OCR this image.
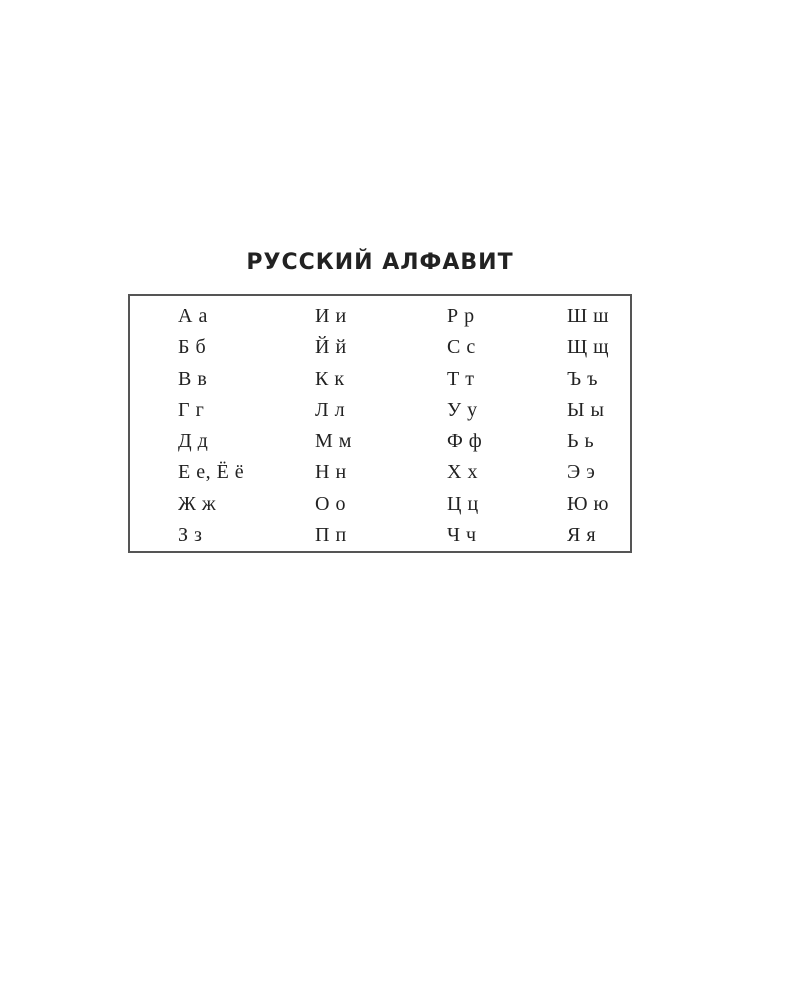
РУССКИЙ АЛФАВИТ
А а
Б б
В в
Г г
Д д
Е е, Ё ё
Ж ж
З з
И и
Й й
К к
Л л
М м
Н н
О о
П п
Р р
С с
Т т
У у
Ф ф
Х х
Ц ц
Ч ч
Ш ш
Щ щ
Ъ ъ
Ы ы
Ь ь
Э э
Ю ю
Я я
